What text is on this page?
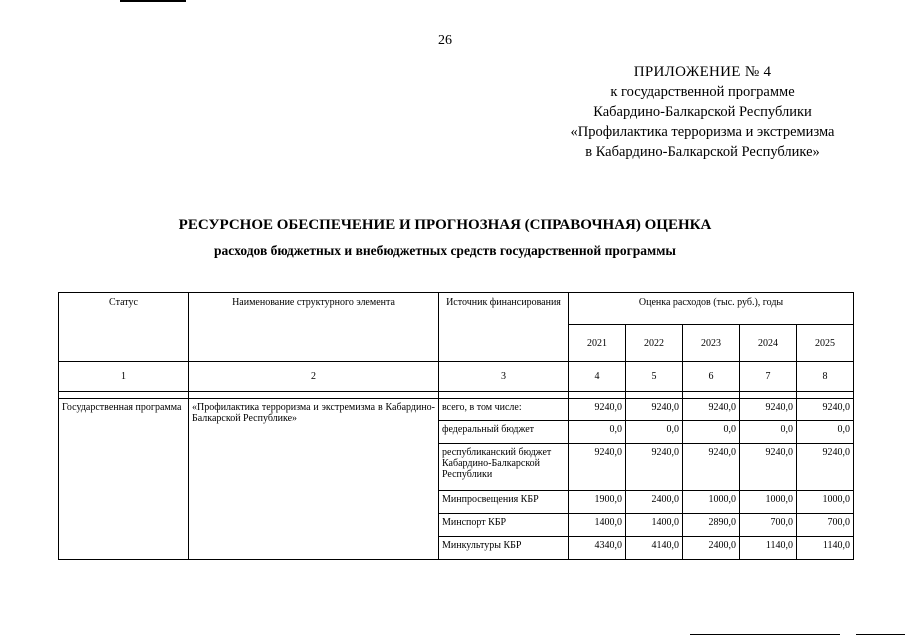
26
ПРИЛОЖЕНИЕ № 4
к государственной программе
Кабардино-Балкарской Республики
«Профилактика терроризма и экстремизма
в Кабардино-Балкарской Республике»
РЕСУРСНОЕ ОБЕСПЕЧЕНИЕ И ПРОГНОЗНАЯ (СПРАВОЧНАЯ) ОЦЕНКА
расходов бюджетных и внебюджетных средств государственной программы
Статус	Наименование структурного элемента	Источник финансирования	Оценка расходов (тыс. руб.), годы				
			2021	2022	2023	2024	2025
1	2	3	4	5	6	7	8

Государственная программа	«Профилактика терроризма и экстремизма в Кабардино-Балкарской Республике»	всего, в том числе:	9240,0	9240,0	9240,0	9240,0	9240,0
		федеральный бюджет	0,0	0,0	0,0	0,0	0,0
		республиканский бюджет Кабардино-Балкарской Республики	9240,0	9240,0	9240,0	9240,0	9240,0
		Минпросвещения КБР	1900,0	2400,0	1000,0	1000,0	1000,0
		Минспорт КБР	1400,0	1400,0	2890,0	700,0	700,0
		Минкультуры КБР	4340,0	4140,0	2400,0	1140,0	1140,0
